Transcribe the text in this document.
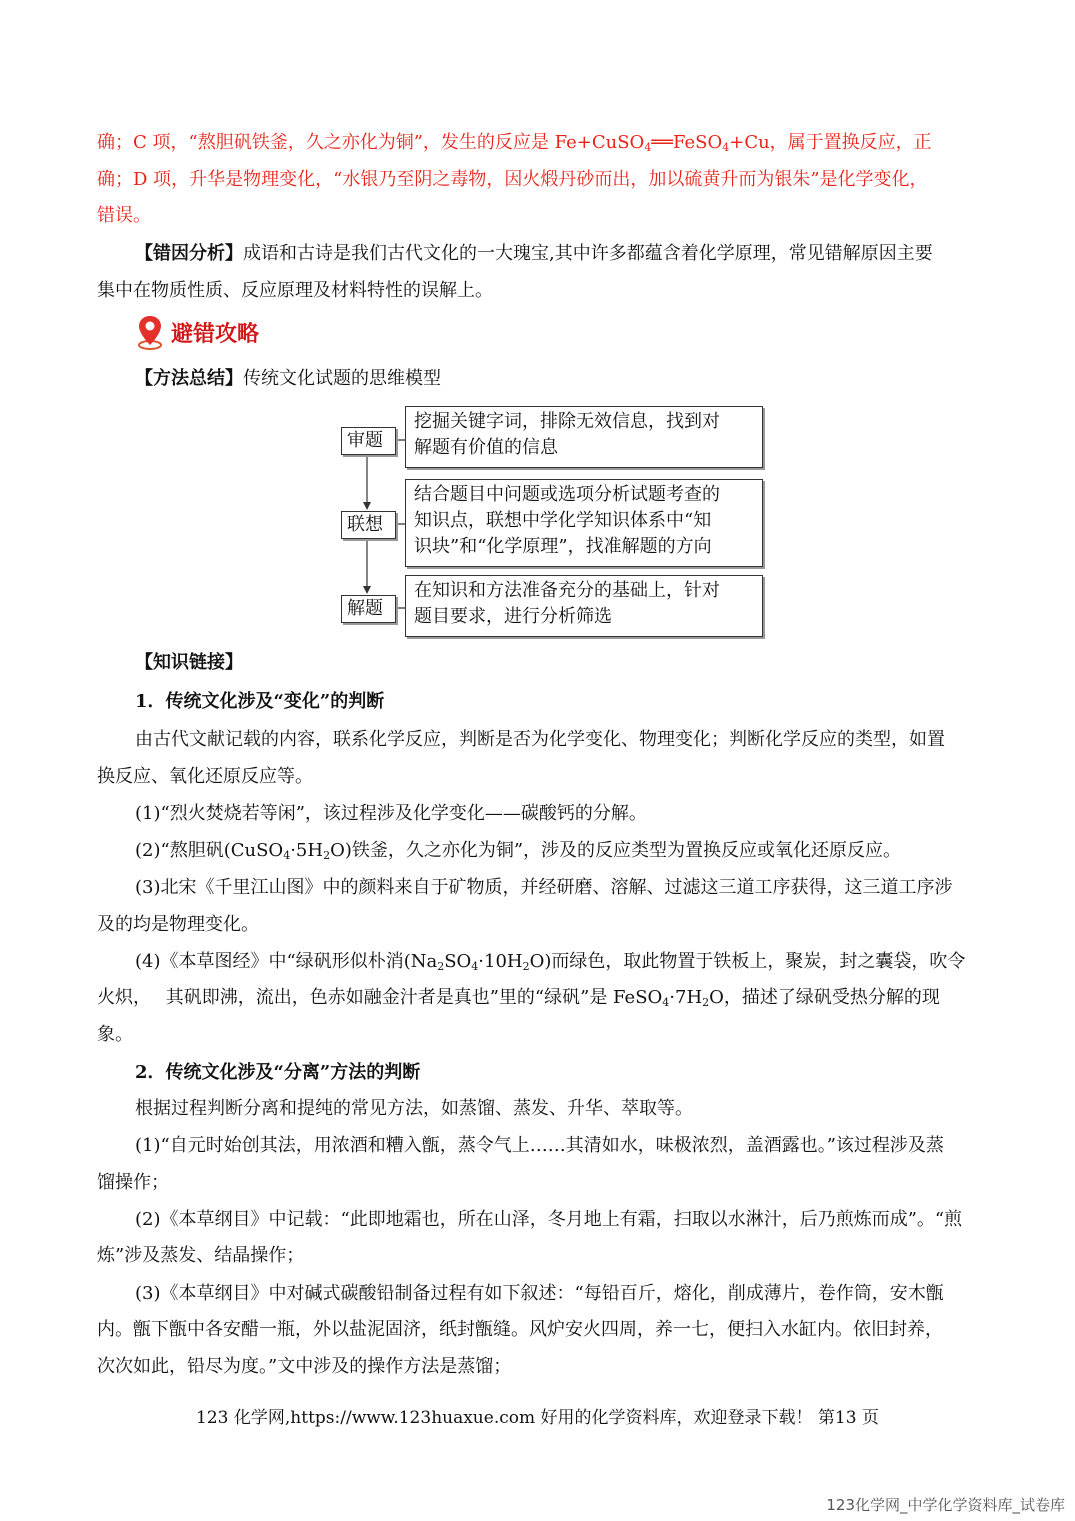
确；C 项，“熬胆矾铁釜，久之亦化为铜”，发生的反应是 Fe+CuSO$_4$══FeSO$_4$+Cu，属于置换反应，正
确；D 项，升华是物理变化，“水银乃至阴之毒物，因火煅丹砂而出，加以硫黄升而为银朱”是化学变化，
错误。
【错因分析】成语和古诗是我们古代文化的一大瑰宝,其中许多都蕴含着化学原理，常见错解原因主要
集中在物质性质、反应原理及材料特性的误解上。
避错攻略
【方法总结】传统文化试题的思维模型
审题
挖掘关键字词，排除无效信息，找到对
解题有价值的信息
联想
结合题目中问题或选项分析试题考查的
知识点，联想中学化学知识体系中“知
识块”和“化学原理”，找准解题的方向
解题
在知识和方法准备充分的基础上，针对
题目要求，进行分析筛选
【知识链接】
1．传统文化涉及“变化”的判断
由古代文献记载的内容，联系化学反应，判断是否为化学变化、物理变化；判断化学反应的类型，如置
换反应、氧化还原反应等。
(1)“烈火焚烧若等闲”，该过程涉及化学变化——碳酸钙的分解。
(2)“熬胆矾$(CuSO_4\cdot 5H_2O)$铁釜，久之亦化为铜”，涉及的反应类型为置换反应或氧化还原反应。
(3)北宋《千里江山图》中的颜料来自于矿物质，并经研磨、溶解、过滤这三道工序获得，这三道工序涉
及的均是物理变化。
(4)《本草图经》中“绿矾形似朴消$(Na_2SO_4\cdot 10H_2O)$而绿色，取此物置于铁板上，聚炭，封之囊袋，吹令
火炽，　 其矾即沸，流出，色赤如融金汁者是真也”里的“绿矾”是 $FeSO_4\cdot 7H_2O$，描述了绿矾受热分解的现
象。
2．传统文化涉及“分离”方法的判断
根据过程判断分离和提纯的常见方法，如蒸馏、蒸发、升华、萃取等。
(1)“自元时始创其法，用浓酒和糟入甑，蒸令气上……其清如水，味极浓烈，盖酒露也。”该过程涉及蒸
馏操作；
(2)《本草纲目》中记载：“此即地霜也，所在山泽，冬月地上有霜，扫取以水淋汁，后乃煎炼而成”。“煎
炼”涉及蒸发、结晶操作；
(3)《本草纲目》中对碱式碳酸铅制备过程有如下叙述：“每铅百斤，熔化，削成薄片，卷作筒，安木甑
内。甑下甑中各安醋一瓶，外以盐泥固济，纸封甑缝。风炉安火四周，养一七，便扫入水缸内。依旧封养，
次次如此，铅尽为度。”文中涉及的操作方法是蒸馏；
123 化学网,https://www.123huaxue.com 好用的化学资料库，欢迎登录下载！ 第13 页
123化学网_中学化学资料库_试卷库
